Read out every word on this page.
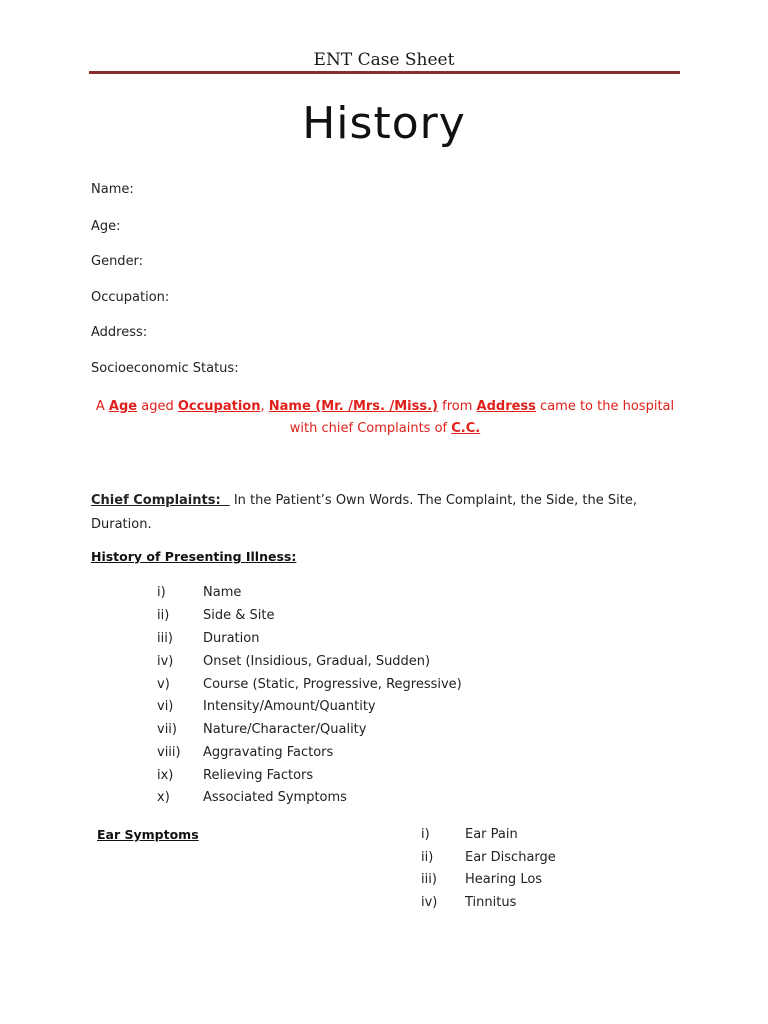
ENT Case Sheet
History
Name:
Age:
Gender:
Occupation:
Address:
Socioeconomic Status:
A Age aged Occupation, Name (Mr. /Mrs. /Miss.) from Address came to the hospital
with chief Complaints of C.C.
Chief Complaints:   In the Patient’s Own Words. The Complaint, the Side, the Site, Duration.
History of Presenting Illness:
i)	Name
ii)	Side & Site
iii) Duration
iv) Onset (Insidious, Gradual, Sudden)
v)	Course (Static, Progressive, Regressive)
vi) Intensity/Amount/Quantity
vii) Nature/Character/Quality
viii) Aggravating Factors
ix) Relieving Factors
x)	Associated Symptoms
Ear Symptoms	i)	Ear Pain
ii) Ear Discharge
iii) Hearing Los
iv) Tinnitus
